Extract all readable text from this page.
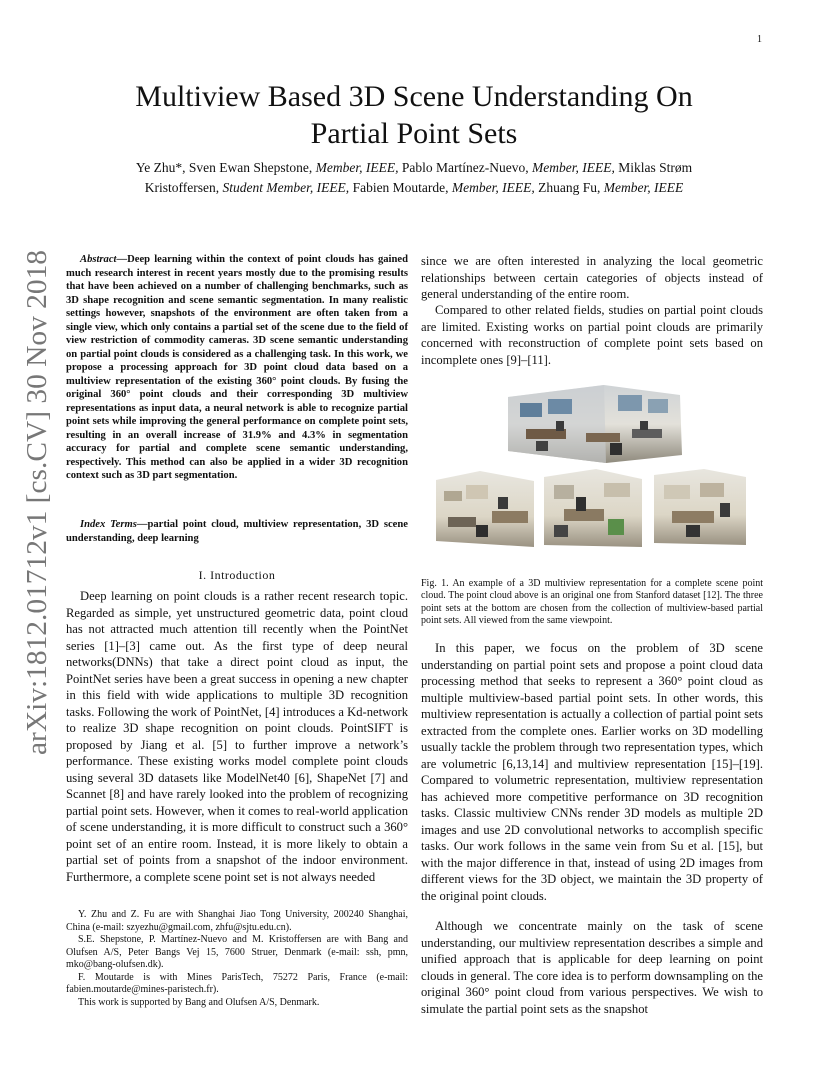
1
arXiv:1812.01712v1 [cs.CV] 30 Nov 2018
Multiview Based 3D Scene Understanding On
Partial Point Sets
Ye Zhu*, Sven Ewan Shepstone, Member, IEEE, Pablo Martínez-Nuevo, Member, IEEE, Miklas Strøm
Kristoffersen, Student Member, IEEE, Fabien Moutarde, Member, IEEE, Zhuang Fu, Member, IEEE

Abstract—Deep learning within the context of point clouds has gained much research interest in recent years mostly due to the promising results that have been achieved on a number of challenging benchmarks, such as 3D shape recognition and scene semantic segmentation. In many realistic settings however, snapshots of the environment are often taken from a single view, which only contains a partial set of the scene due to the field of view restriction of commodity cameras. 3D scene semantic understanding on partial point clouds is considered as a challenging task. In this work, we propose a processing approach for 3D point cloud data based on a multiview representation of the existing 360° point clouds. By fusing the original 360° point clouds and their corresponding 3D multiview representations as input data, a neural network is able to recognize partial point sets while improving the general performance on complete point sets, resulting in an overall increase of 31.9% and 4.3% in segmentation accuracy for partial and complete scene semantic understanding, respectively. This method can also be applied in a wider 3D recognition context such as 3D part segmentation.

Index Terms—partial point cloud, multiview representation, 3D scene understanding, deep learning

I. Introduction
Deep learning on point clouds is a rather recent research topic. Regarded as simple, yet unstructured geometric data, point cloud has not attracted much attention till recently when the PointNet series [1]–[3] came out. As the first type of deep neural networks(DNNs) that take a direct point cloud as input, the PointNet series have been a great success in opening a new chapter in this field with wide applications to multiple 3D recognition tasks. Following the work of PointNet, [4] introduces a Kd-network to realize 3D shape recognition on point clouds. PointSIFT is proposed by Jiang et al. [5] to further improve a network’s performance. These existing works model complete point clouds using several 3D datasets like ModelNet40 [6], ShapeNet [7] and Scannet [8] and have rarely looked into the problem of recognizing partial point sets. However, when it comes to real-world application of scene understanding, it is more difficult to construct such a 360° point set of an entire room. Instead, it is more likely to obtain a partial set of points from a snapshot of the indoor environment. Furthermore, a complete scene point set is not always needed

Y. Zhu and Z. Fu are with Shanghai Jiao Tong University, 200240 Shanghai, China (e-mail: szyezhu@gmail.com, zhfu@sjtu.edu.cn).

S.E. Shepstone, P. Martínez-Nuevo and M. Kristoffersen are with Bang and Olufsen A/S, Peter Bangs Vej 15, 7600 Struer, Denmark (e-mail: ssh, pmn, mko@bang-olufsen.dk).

F. Moutarde is with Mines ParisTech, 75272 Paris, France (e-mail: fabien.moutarde@mines-paristech.fr).

This work is supported by Bang and Olufsen A/S, Denmark.

since we are often interested in analyzing the local geometric relationships between certain categories of objects instead of general understanding of the entire room.
Compared to other related fields, studies on partial point clouds are limited. Existing works on partial point clouds are primarily concerned with reconstruction of complete point sets based on incomplete ones [9]–[11].
Fig. 1. An example of a 3D multiview representation for a complete scene point cloud. The point cloud above is an original one from Stanford dataset [12]. The three point sets at the bottom are chosen from the collection of multiview-based partial point sets. All viewed from the same viewpoint.
In this paper, we focus on the problem of 3D scene understanding on partial point sets and propose a point cloud data processing method that seeks to represent a 360° point cloud as multiple multiview-based partial point sets. In other words, this multiview representation is actually a collection of partial point sets extracted from the complete ones. Earlier works on 3D modelling usually tackle the problem through two representation types, which are volumetric [6,13,14] and multiview representation [15]–[19]. Compared to volumetric representation, multiview representation has achieved more competitive performance on 3D recognition tasks. Classic multiview CNNs render 3D models as multiple 2D images and use 2D convolutional networks to accomplish specific tasks. Our work follows in the same vein from Su et al. [15], but with the major difference in that, instead of using 2D images from different views for the 3D object, we maintain the 3D property of the original point clouds.
Although we concentrate mainly on the task of scene understanding, our multiview representation describes a simple and unified approach that is applicable for deep learning on point clouds in general. The core idea is to perform downsampling on the original 360° point cloud from various perspectives. We wish to simulate the partial point sets as the snapshot
